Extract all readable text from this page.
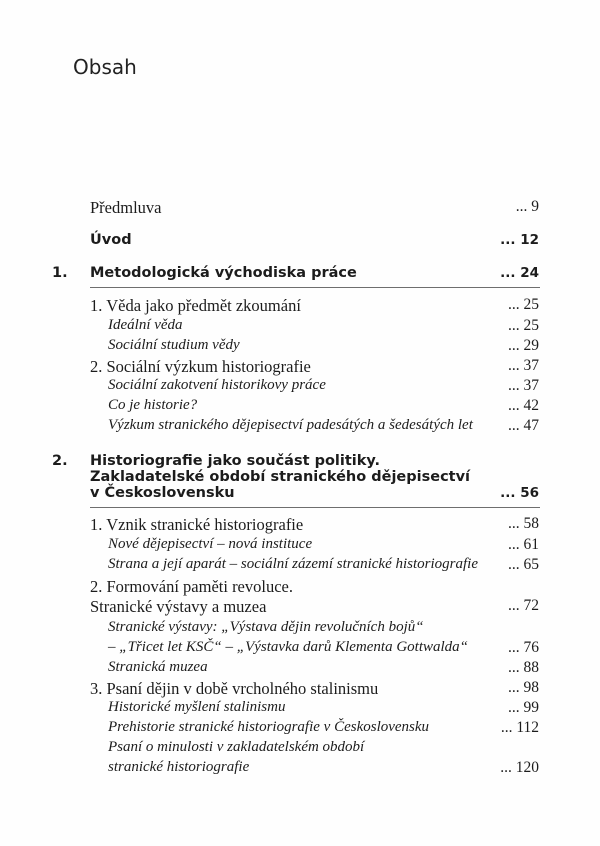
Obsah
Předmluva	... 9
Úvod	... 12
1. Metodologická východiska práce	... 24
1. Věda jako předmět zkoumání	... 25
Ideální věda	... 25
Sociální studium vědy	... 29
2. Sociální výzkum historiografie	... 37
Sociální zakotvení historikovy práce	... 37
Co je historie?	... 42
Výzkum stranického dějepisectví padesátých a šedesátých let ... 47
2. Historiografie jako součást politiky.
Zakladatelské období stranického dějepisectví
v Československu	... 56
1. Vznik stranické historiografie	... 58
Nové dějepisectví – nová instituce	... 61
Strana a její aparát – sociální zázemí stranické historiografie ... 65
2. Formování paměti revoluce.
Stranické výstavy a muzea	... 72
Stranické výstavy: „Výstava dějin revolučních bojů“
– „Třicet let KSČ“ – „Výstavka darů Klementa Gottwalda“	... 76
Stranická muzea	... 88
3. Psaní dějin v době vrcholného stalinismu	... 98
Historické myšlení stalinismu	... 99
Prehistorie stranické historiografie v Československu	... 112
Psaní o minulosti v zakladatelském období
stranické historiografie	... 120
